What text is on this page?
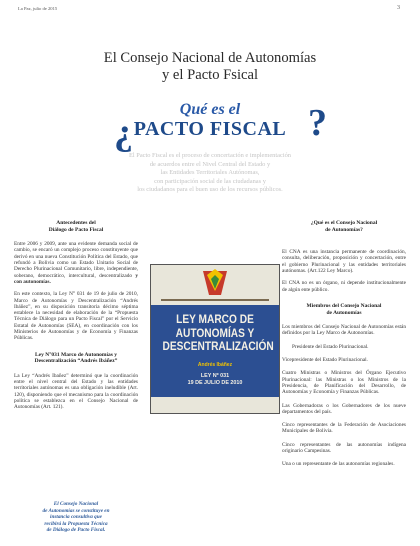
La Paz, julio de 2015	3
El Consejo Nacional de Autonomías
y el Pacto Fsical
¿	?
Qué es el
PACTO FISCAL
El Pacto Fiscal es el proceso de concertación e implementación
de acuerdos entre el Nivel Central del Estado y
las Entidades Territoriales Autónomas,
con participación social de las ciudadanas y
los ciudadanos para el buen uso de los recursos públicos.
Antecedentes del
Diálogo de Pacto Fiscal

Entre 2006 y 2009, ante una evidente demanda social de cambio, se encaró un complejo proceso constituyente que derivó en una nueva Constitución Política del Estado, que refundó a Bolivia como un Estado Unitario Social de Derecho Plurinacional Comunitario, libre, independiente, soberano, democrático, intercultural, descentralizado y con autonomías.

En este contexto, la Ley N° 031 de 19 de julio de 2010, Marco de Autonomías y Descentralización “Andrés Ibáñez”, en su disposición transitoria décimo séptima establece la necesidad de elaboración de la “Propuesta Técnica de Diálogo para un Pacto Fiscal” por el Servicio Estatal de Autonomías (SEA), en coordinación con los Ministerios de Autonomías y de Economía y Finanzas Públicas.

Ley N°031 Marco de Autonomías y
Descentralización “Andrés Ibáñez”

La Ley “Andrés Ibañez” determinó que la coordinación entre el nivel central del Estado y las entidades territoriales autónomas es una obligación ineludible (Art. 120), disponiendo que el mecanismo para la coordinación política se establezca en el Consejo Nacional de Autonomías (Art. 121).

El Consejo Nacional
de Autonomías se constituye en
instancia consultiva que
recibirá la Propuesta Técnica
de Diálogo de Pacto Fiscal.
LEY MARCO DE
AUTONOMÍAS Y
DESCENTRALIZACIÓN
Andrés Ibáñez
LEY Nº 031
19 DE JULIO DE 2010
¿Qué es el Consejo Nacional
de Autonomías?

El CNA es una instancia permanente de coordinación, consulta, deliberación, proposición y concertación, entre el gobierno Plurinacional y las entidades territoriales autónomas. (Art.122 Ley Marco).

El CNA no es un órgano, ni depende institucionalmente de algún ente público.

Miembros del Consejo Nacional
de Autonomías

Los miembros del Consejo Nacional de Autonomías están definidos por la Ley Marco de Autonomías.

Presidente del Estado Plurinacional.

Vicepresidente del Estado Plurinacional.

Cuatro Ministras o Ministros del Órgano Ejecutivo Plurinacional: las Ministras o los Ministros de la Presidencia, de Planificación del Desarrollo, de Autonomías y Economía y Finanzas Públicas.

Las Gobernadoras o los Gobernadores de los nueve departamentos del país.

Cinco representantes de la Federación de Asociaciones Municipales de Bolivia.

Cinco representantes de las autonomías indígena originario Campesinas.

Una o un representante de las autonomías regionales.
